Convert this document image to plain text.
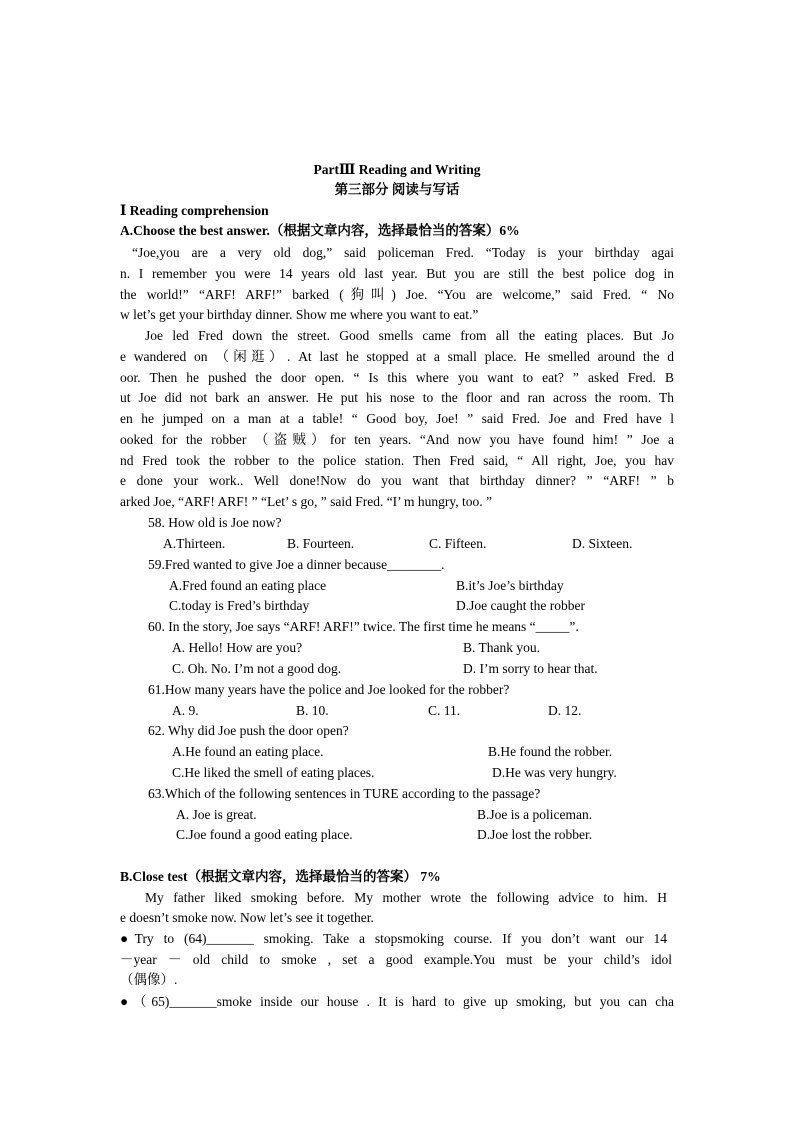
PartⅢ Reading and Writing
第三部分 阅读与写话
Ⅰ Reading comprehension
A.Choose the best answer.（根据文章内容，选择最恰当的答案）6%
“Joe,you are a very old dog,” said policeman Fred. “Today is your birthday agai
n. I remember you were 14 years old last year. But you are still the best police dog in
the world!” “ARF! ARF!” barked (狗叫) Joe. “You are welcome,” said Fred. “ No
w let’s get your birthday dinner. Show me where you want to eat.”
Joe led Fred down the street. Good smells came from all the eating places. But Jo
e wandered on （闲逛）. At last he stopped at a small place. He smelled around the d
oor. Then he pushed the door open. “ Is this where you want to eat? ” asked Fred. B
ut Joe did not bark an answer. He put his nose to the floor and ran across the room. Th
en he jumped on a man at a table! “ Good boy, Joe! ” said Fred. Joe and Fred have l
ooked for the robber （盗贼）for ten years. “And now you have found him! ” Joe a
nd Fred took the robber to the police station. Then Fred said, “ All right, Joe, you hav
e done your work.. Well done!Now do you want that birthday dinner? ” “ARF! ” b
arked Joe, “ARF! ARF! ” “Let’ s go, ” said Fred. “I’ m hungry, too. ”
58. How old is Joe now?
A.Thirteen.	B. Fourteen.	C. Fifteen.	D. Sixteen.
59.Fred wanted to give Joe a dinner because________.
A.Fred found an eating place	B.it’s Joe’s birthday
C.today is Fred’s birthday	D.Joe caught the robber
60. In the story, Joe says “ARF! ARF!” twice. The first time he means “_____”.
A. Hello! How are you?	B. Thank you.
C. Oh. No. I’m not a good dog.	D. I’m sorry to hear that.
61.How many years have the police and Joe looked for the robber?
A. 9.	B. 10.	C. 11.	D. 12.
62. Why did Joe push the door open?
A.He found an eating place.	B.He found the robber.
C.He liked the smell of eating places.	D.He was very hungry.
63.Which of the following sentences in TURE according to the passage?
A. Joe is great.	B.Joe is a policeman.
C.Joe found a good eating place.	D.Joe lost the robber.
B.Close test（根据文章内容，选择最恰当的答案） 7%
My father liked smoking before. My mother wrote the following advice to him. H
e doesn’t smoke now. Now let’s see it together.
●Try to (64)_______ smoking. Take a stopsmoking course. If you don’t want our 14
－year － old child to smoke , set a good example.You must be your child’s idol
（偶像）.
●（65)_______smoke inside our house . It is hard to give up smoking, but you can cha
